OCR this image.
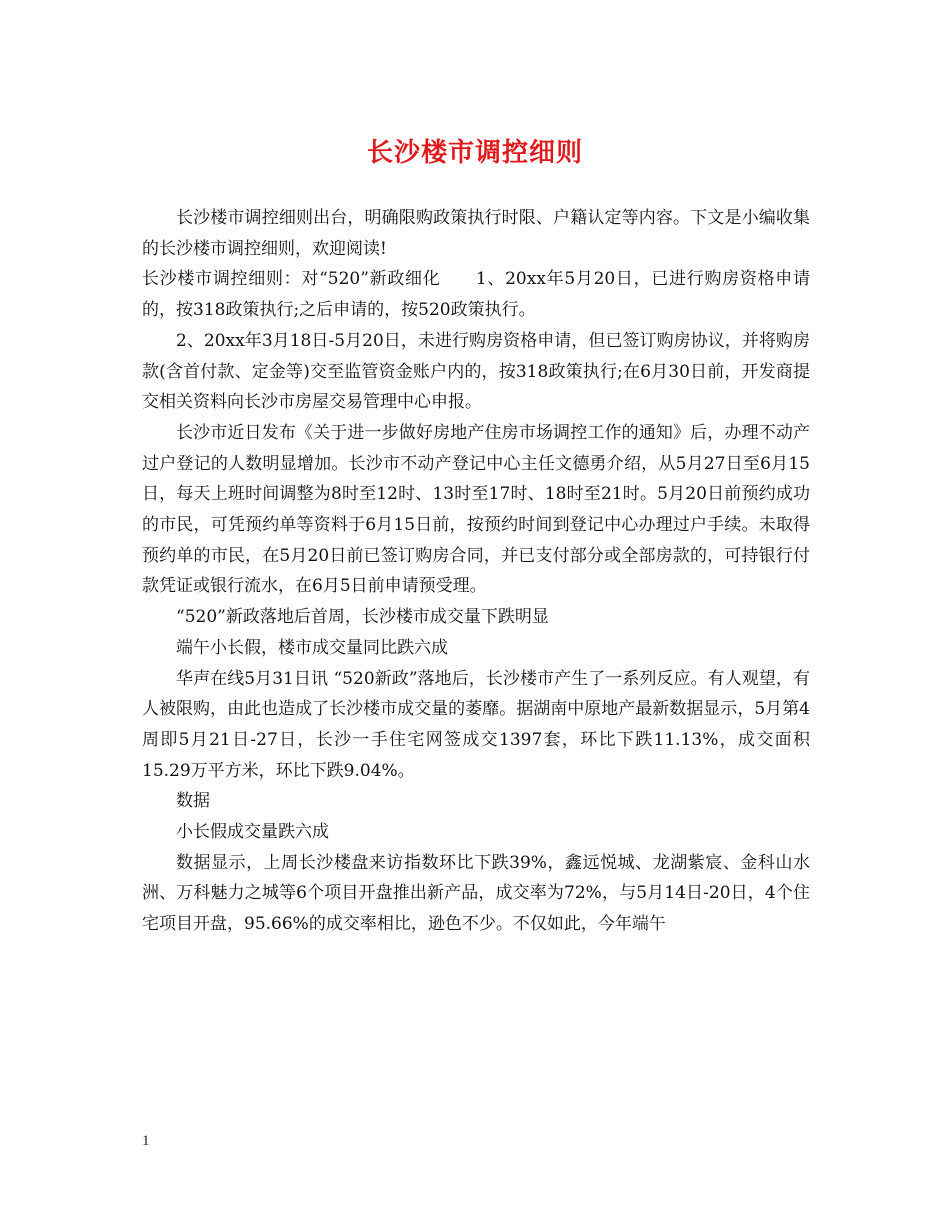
长沙楼市调控细则

长沙楼市调控细则出台，明确限购政策执行时限、户籍认定等内容。下文是小编收集的长沙楼市调控细则，欢迎阅读!

长沙楼市调控细则：对“520”新政细化　　1、20xx年5月20日，已进行购房资格申请的，按318政策执行;之后申请的，按520政策执行。

2、20xx年3月18日-5月20日，未进行购房资格申请，但已签订购房协议，并将购房款(含首付款、定金等)交至监管资金账户内的，按318政策执行;在6月30日前，开发商提交相关资料向长沙市房屋交易管理中心申报。

长沙市近日发布《关于进一步做好房地产住房市场调控工作的通知》后，办理不动产过户登记的人数明显增加。长沙市不动产登记中心主任文德勇介绍，从5月27日至6月15日，每天上班时间调整为8时至12时、13时至17时、18时至21时。5月20日前预约成功的市民，可凭预约单等资料于6月15日前，按预约时间到登记中心办理过户手续。未取得预约单的市民，在5月20日前已签订购房合同，并已支付部分或全部房款的，可持银行付款凭证或银行流水，在6月5日前申请预受理。

“520”新政落地后首周，长沙楼市成交量下跌明显

端午小长假，楼市成交量同比跌六成

华声在线5月31日讯 “520新政”落地后，长沙楼市产生了一系列反应。有人观望，有人被限购，由此也造成了长沙楼市成交量的萎靡。据湖南中原地产最新数据显示，5月第4周即5月21日-27日，长沙一手住宅网签成交1397套，环比下跌11.13%，成交面积15.29万平方米，环比下跌9.04%。

数据

小长假成交量跌六成

数据显示，上周长沙楼盘来访指数环比下跌39%，鑫远悦城、龙湖紫宸、金科山水洲、万科魅力之城等6个项目开盘推出新产品，成交率为72%，与5月14日-20日，4个住宅项目开盘，95.66%的成交率相比，逊色不少。不仅如此，今年端午

1
